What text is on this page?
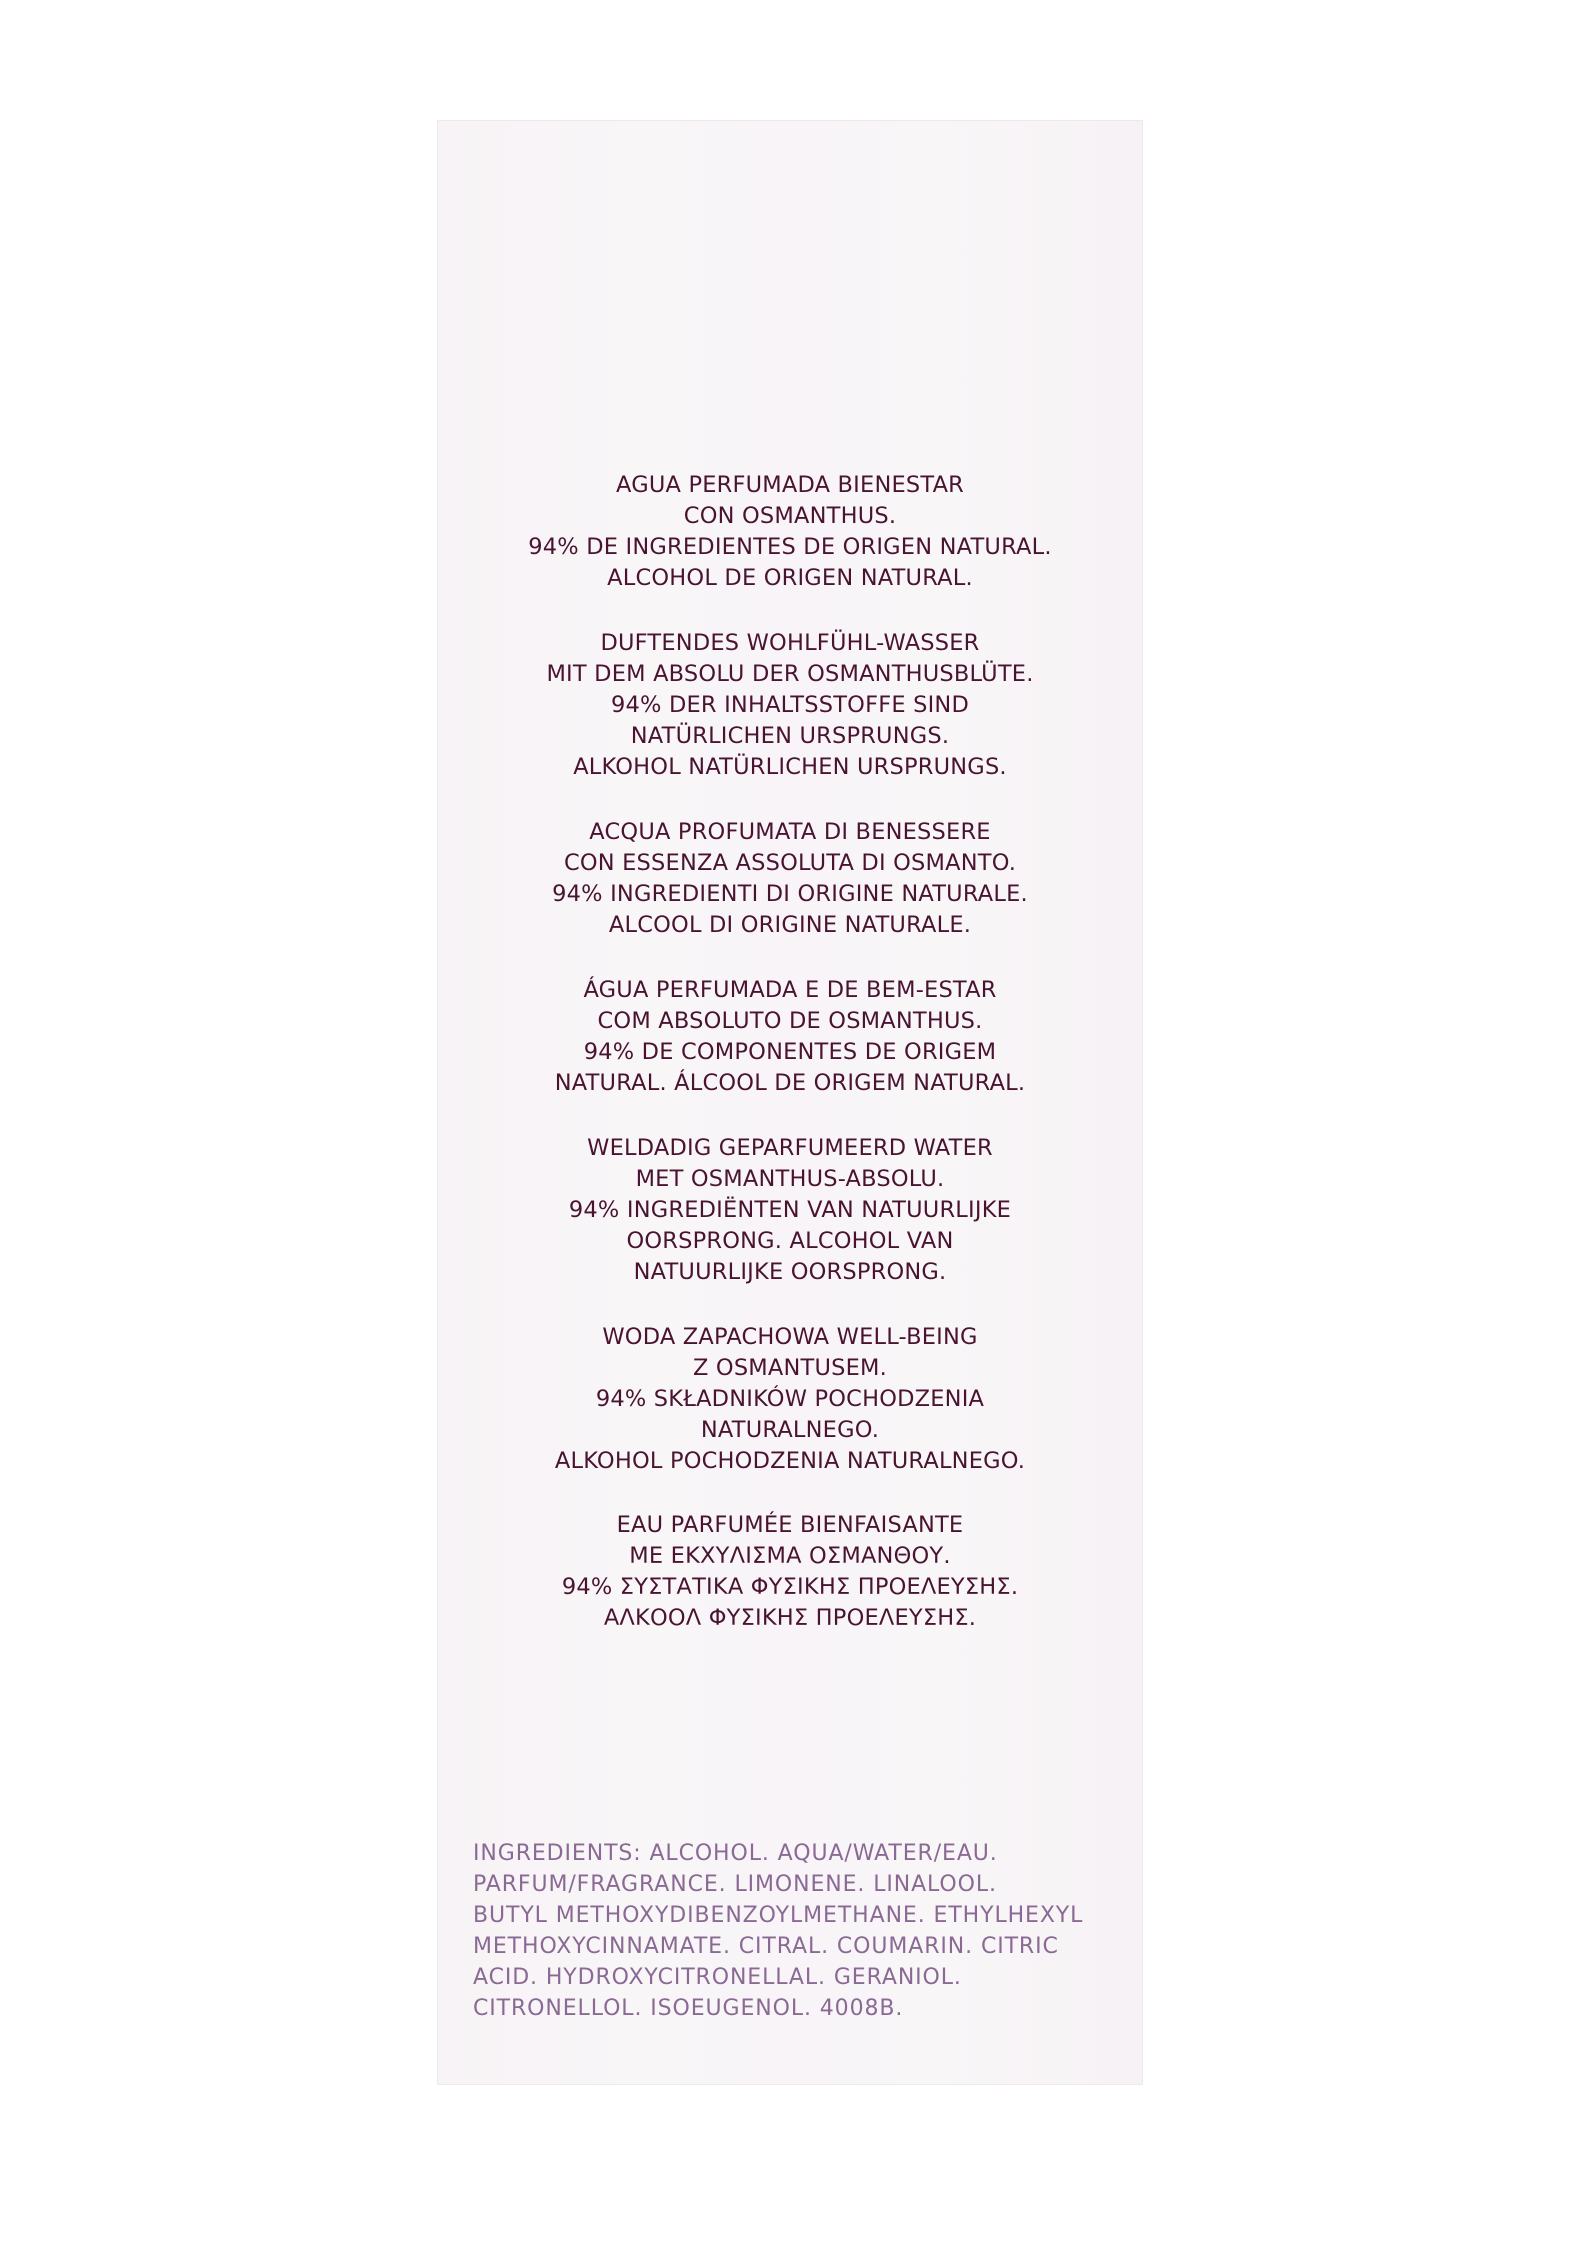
AGUA PERFUMADA BIENESTAR
CON OSMANTHUS.
94% DE INGREDIENTES DE ORIGEN NATURAL.
ALCOHOL DE ORIGEN NATURAL.
DUFTENDES WOHLFÜHL-WASSER
MIT DEM ABSOLU DER OSMANTHUSBLÜTE.
94% DER INHALTSSTOFFE SIND
NATÜRLICHEN URSPRUNGS.
ALKOHOL NATÜRLICHEN URSPRUNGS.
ACQUA PROFUMATA DI BENESSERE
CON ESSENZA ASSOLUTA DI OSMANTO.
94% INGREDIENTI DI ORIGINE NATURALE.
ALCOOL DI ORIGINE NATURALE.
ÁGUA PERFUMADA E DE BEM-ESTAR
COM ABSOLUTO DE OSMANTHUS.
94% DE COMPONENTES DE ORIGEM
NATURAL. ÁLCOOL DE ORIGEM NATURAL.
WELDADIG GEPARFUMEERD WATER
MET OSMANTHUS-ABSOLU.
94% INGREDIËNTEN VAN NATUURLIJKE
OORSPRONG. ALCOHOL VAN
NATUURLIJKE OORSPRONG.
WODA ZAPACHOWA WELL-BEING
Z OSMANTUSEM.
94% SKŁADNIKÓW POCHODZENIA
NATURALNEGO.
ALKOHOL POCHODZENIA NATURALNEGO.
EAU PARFUMÉE BIENFAISANTE
ΜΕ ΕΚΧΥΛΙΣΜΑ ΟΣΜΑΝΘΟΥ.
94% ΣΥΣΤΑΤΙΚΑ ΦΥΣΙΚΗΣ ΠΡΟΕΛΕΥΣΗΣ.
ΑΛΚΟΟΛ ΦΥΣΙΚΗΣ ΠΡΟΕΛΕΥΣΗΣ.
INGREDIENTS: ALCOHOL. AQUA/WATER/EAU.
PARFUM/FRAGRANCE. LIMONENE. LINALOOL.
BUTYL METHOXYDIBENZOYLMETHANE. ETHYLHEXYL
METHOXYCINNAMATE. CITRAL. COUMARIN. CITRIC
ACID. HYDROXYCITRONELLAL. GERANIOL.
CITRONELLOL. ISOEUGENOL. 4008B.
